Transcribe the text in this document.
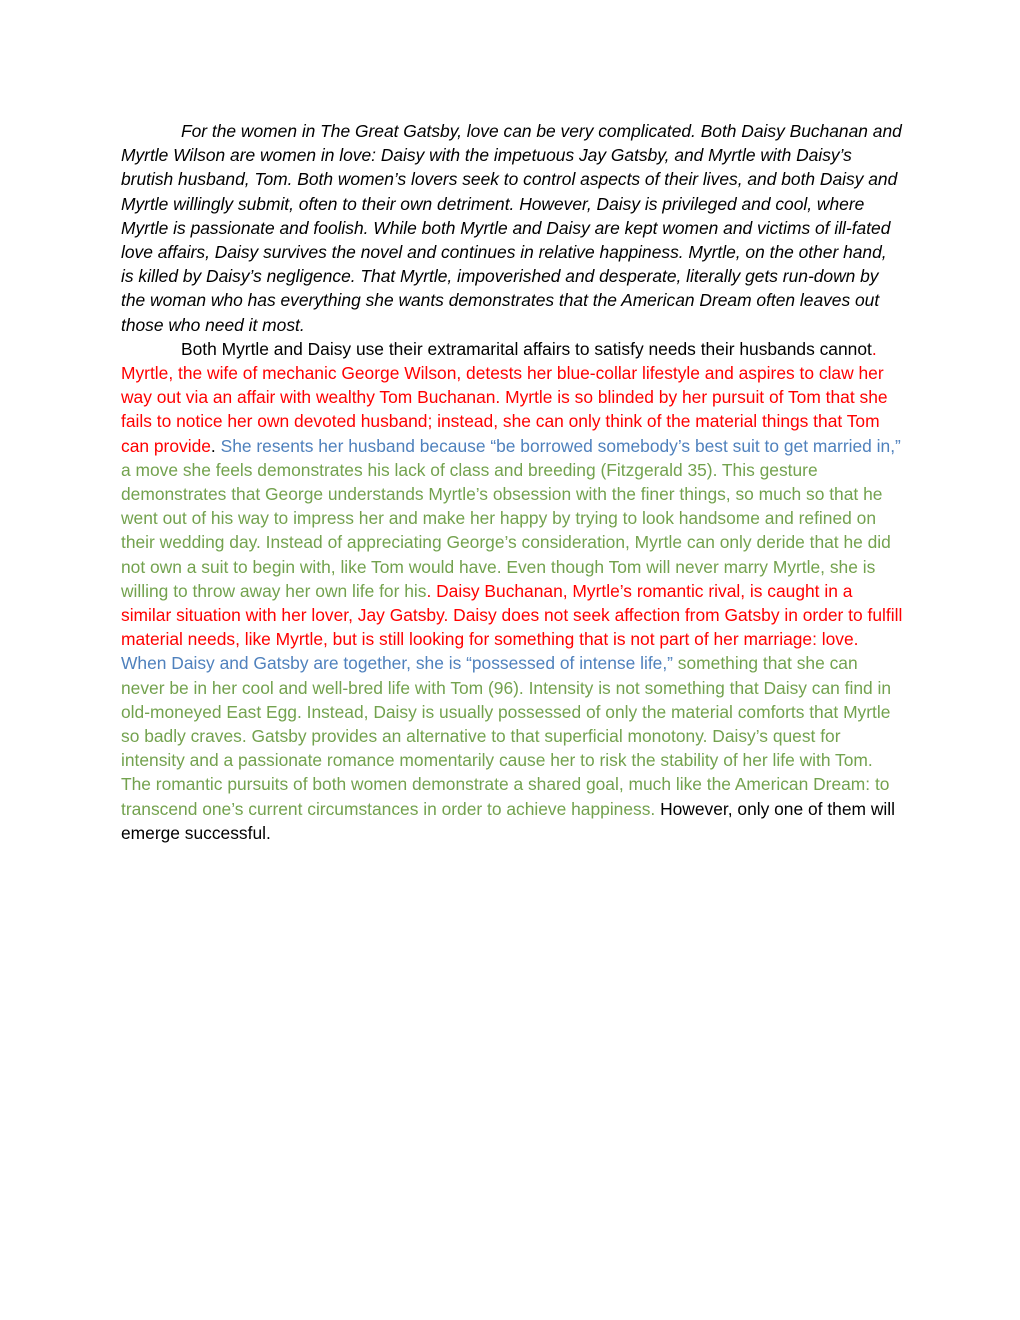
For the women in The Great Gatsby, love can be very complicated. Both Daisy Buchanan and Myrtle Wilson are women in love: Daisy with the impetuous Jay Gatsby, and Myrtle with Daisy’s brutish husband, Tom. Both women’s lovers seek to control aspects of their lives, and both Daisy and Myrtle willingly submit, often to their own detriment. However, Daisy is privileged and cool, where Myrtle is passionate and foolish. While both Myrtle and Daisy are kept women and victims of ill-fated love affairs, Daisy survives the novel and continues in relative happiness. Myrtle, on the other hand, is killed by Daisy’s negligence. That Myrtle, impoverished and desperate, literally gets run-down by the woman who has everything she wants demonstrates that the American Dream often leaves out those who need it most.

Both Myrtle and Daisy use their extramarital affairs to satisfy needs their husbands cannot. Myrtle, the wife of mechanic George Wilson, detests her blue-collar lifestyle and aspires to claw her way out via an affair with wealthy Tom Buchanan. Myrtle is so blinded by her pursuit of Tom that she fails to notice her own devoted husband; instead, she can only think of the material things that Tom can provide. She resents her husband because “be borrowed somebody’s best suit to get married in,” a move she feels demonstrates his lack of class and breeding (Fitzgerald 35). This gesture demonstrates that George understands Myrtle’s obsession with the finer things, so much so that he went out of his way to impress her and make her happy by trying to look handsome and refined on their wedding day. Instead of appreciating George’s consideration, Myrtle can only deride that he did not own a suit to begin with, like Tom would have. Even though Tom will never marry Myrtle, she is willing to throw away her own life for his. Daisy Buchanan, Myrtle’s romantic rival, is caught in a similar situation with her lover, Jay Gatsby. Daisy does not seek affection from Gatsby in order to fulfill material needs, like Myrtle, but is still looking for something that is not part of her marriage: love. When Daisy and Gatsby are together, she is “possessed of intense life,” something that she can never be in her cool and well-bred life with Tom (96). Intensity is not something that Daisy can find in old-moneyed East Egg. Instead, Daisy is usually possessed of only the material comforts that Myrtle so badly craves. Gatsby provides an alternative to that superficial monotony. Daisy’s quest for intensity and a passionate romance momentarily cause her to risk the stability of her life with Tom. The romantic pursuits of both women demonstrate a shared goal, much like the American Dream: to transcend one’s current circumstances in order to achieve happiness. However, only one of them will emerge successful.
